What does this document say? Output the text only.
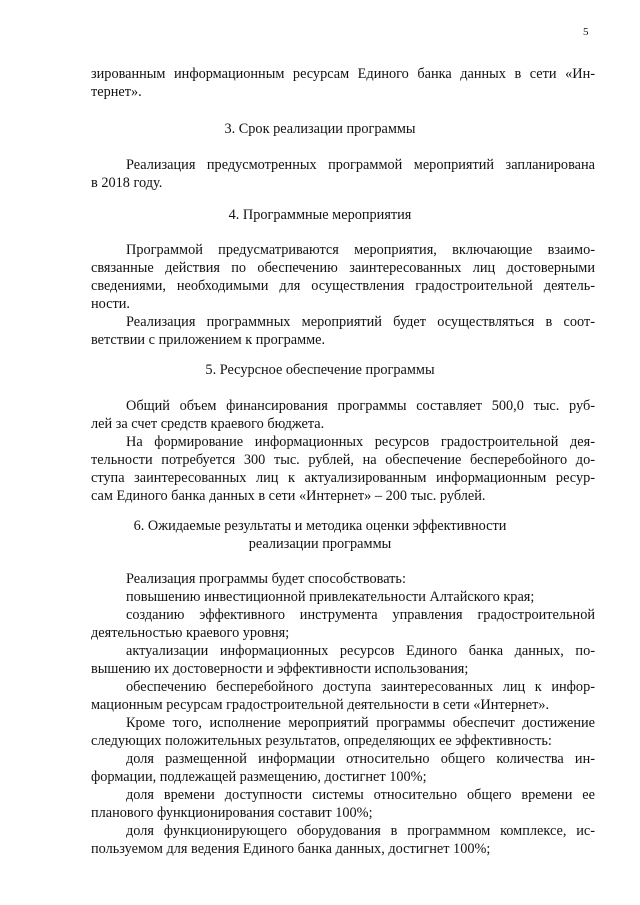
5
зированным информационным ресурсам Единого банка данных в сети «Ин-
тернет».
3. Срок реализации программы
Реализация предусмотренных программой мероприятий запланирована
в 2018 году.
4. Программные мероприятия
Программой предусматриваются мероприятия, включающие взаимо-
связанные действия по обеспечению заинтересованных лиц достоверными
сведениями, необходимыми для осуществления градостроительной деятель-
ности.
Реализация программных мероприятий будет осуществляться в соот-
ветствии с приложением к программе.
5. Ресурсное обеспечение программы
Общий объем финансирования программы составляет 500,0 тыс. руб-
лей за счет средств краевого бюджета.
На формирование информационных ресурсов градостроительной дея-
тельности потребуется 300 тыс. рублей, на обеспечение бесперебойного до-
ступа заинтересованных лиц к актуализированным информационным ресур-
сам Единого банка данных в сети «Интернет» – 200 тыс. рублей.
6. Ожидаемые результаты и методика оценки эффективности
реализации программы
Реализация программы будет способствовать:
повышению инвестиционной привлекательности Алтайского края;
созданию эффективного инструмента управления градостроительной
деятельностью краевого уровня;
актуализации информационных ресурсов Единого банка данных, по-
вышению их достоверности и эффективности использования;
обеспечению бесперебойного доступа заинтересованных лиц к инфор-
мационным ресурсам градостроительной деятельности в сети «Интернет».
Кроме того, исполнение мероприятий программы обеспечит достижение
следующих положительных результатов, определяющих ее эффективность:
доля размещенной информации относительно общего количества ин-
формации, подлежащей размещению, достигнет 100%;
доля времени доступности системы относительно общего времени ее
планового функционирования составит 100%;
доля функционирующего оборудования в программном комплексе, ис-
пользуемом для ведения Единого банка данных, достигнет 100%;
